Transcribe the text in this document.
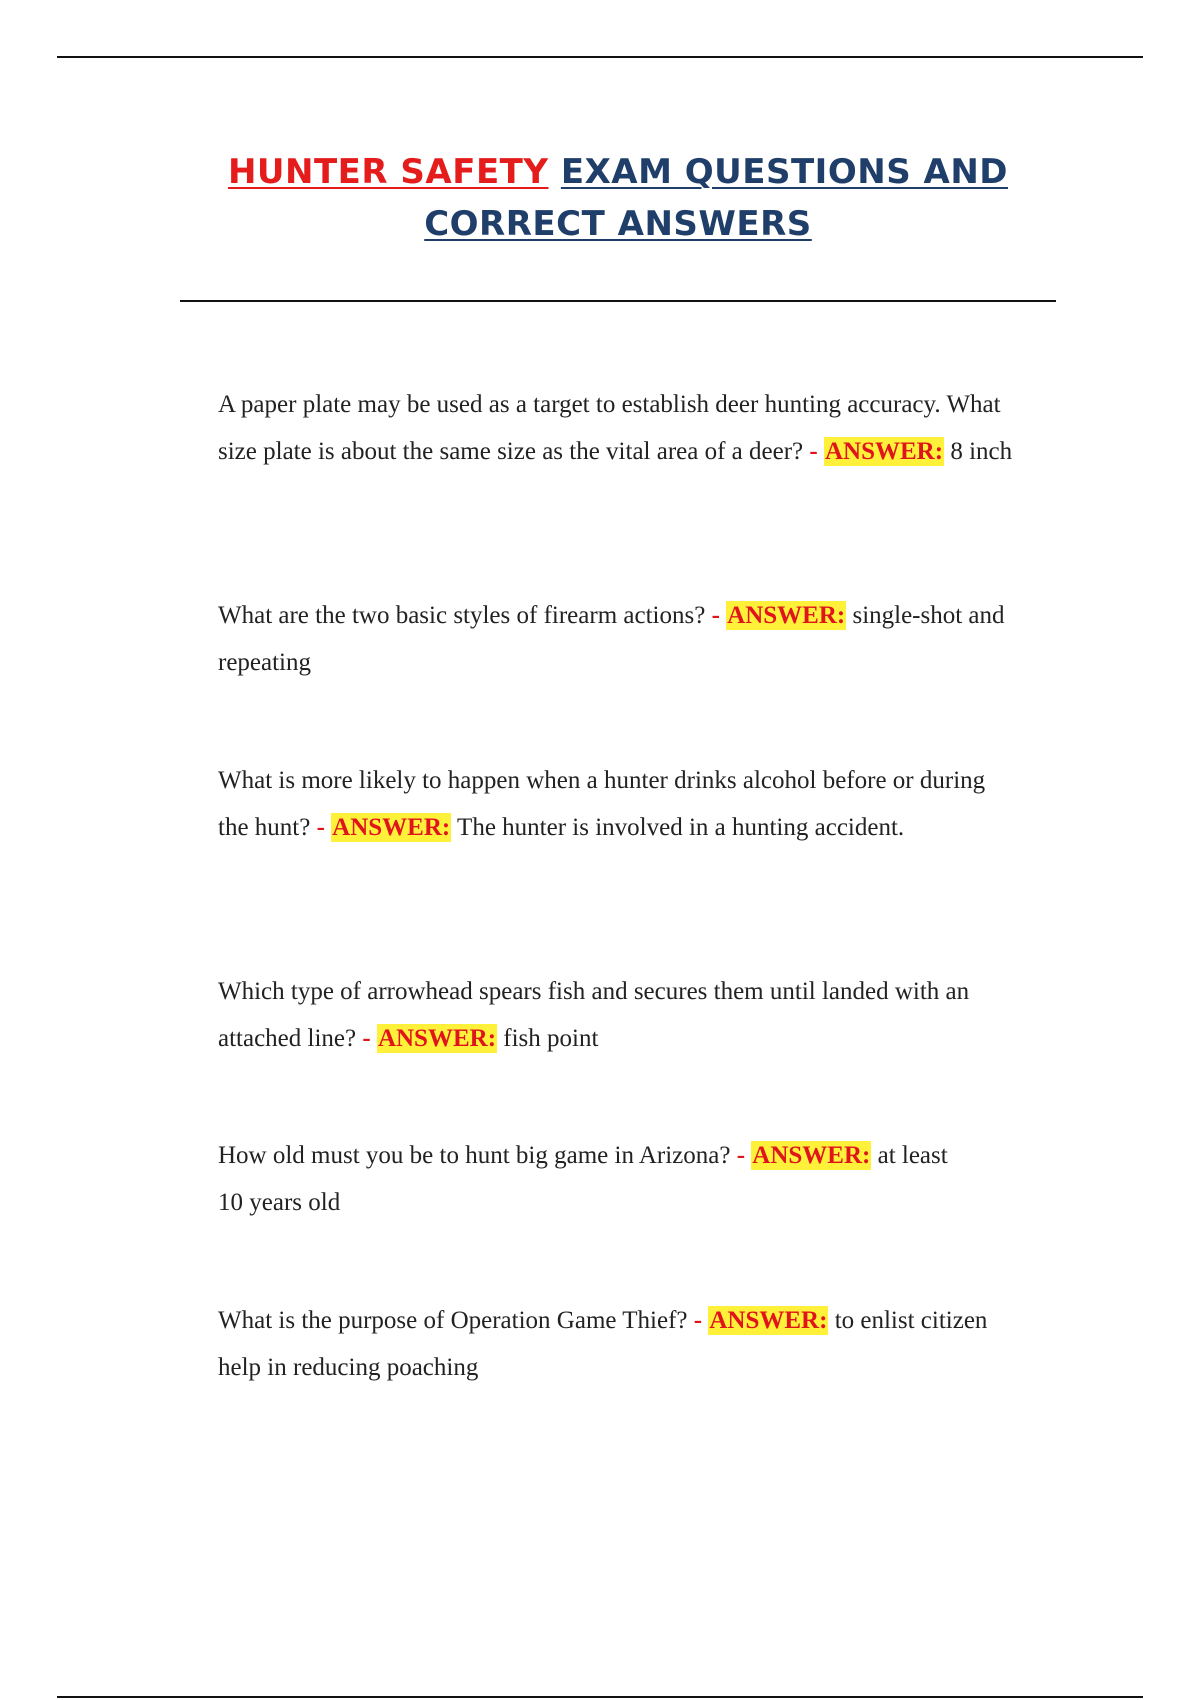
HUNTER SAFETY EXAM QUESTIONS AND
CORRECT ANSWERS

A paper plate may be used as a target to establish deer hunting accuracy. What size plate is about the same size as the vital area of a deer? - ANSWER: 8 inch

What are the two basic styles of firearm actions? - ANSWER: single-shot and repeating

What is more likely to happen when a hunter drinks alcohol before or during the hunt? - ANSWER: The hunter is involved in a hunting accident.

Which type of arrowhead spears fish and secures them until landed with an attached line? - ANSWER: fish point

How old must you be to hunt big game in Arizona? - ANSWER: at least 10 years old

What is the purpose of Operation Game Thief? - ANSWER: to enlist citizen help in reducing poaching
